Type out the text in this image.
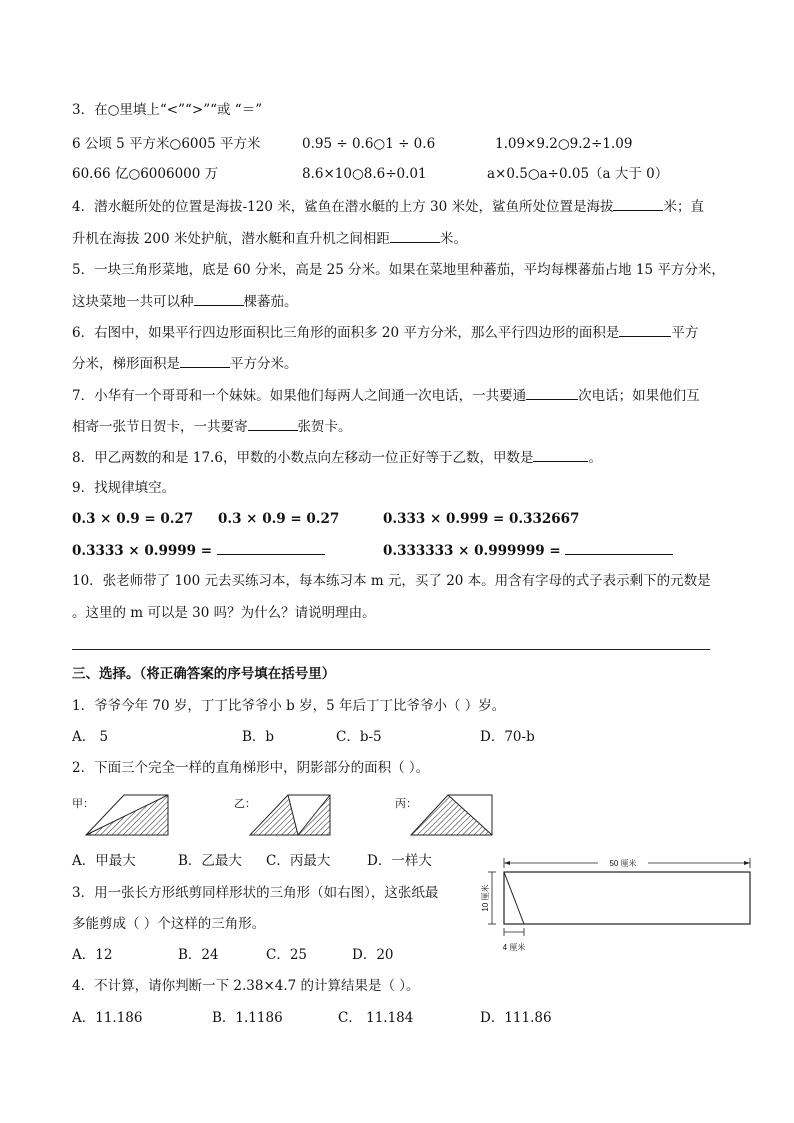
3．在○里填上“<”“>”“或 “＝”
6 公顷 5 平方米○6005 平方米	0.95 ÷ 0.6○1 ÷ 0.6	1.09×9.2○9.2÷1.09
60.66 亿○6006000 万	8.6×10○8.6÷0.01	a×0.5○a÷0.05（a 大于 0）
4．潜水艇所处的位置是海拔-120 米，鲨鱼在潜水艇的上方 30 米处，鲨鱼所处位置是海拔	米；直
升机在海拔 200 米处护航，潜水艇和直升机之间相距	米。
5．一块三角形菜地，底是 60 分米，高是 25 分米。如果在菜地里种蕃茄，平均每棵蕃茄占地 15 平方分米，
这块菜地一共可以种	棵蕃茄。
6．右图中，如果平行四边形面积比三角形的面积多 20 平方分米，那么平行四边形的面积是	平方
分米，梯形面积是	平方分米。
7．小华有一个哥哥和一个妹妹。如果他们每两人之间通一次电话，一共要通	次电话；如果他们互
相寄一张节日贺卡，一共要寄	张贺卡。
8．甲乙两数的和是 17.6，甲数的小数点向左移动一位正好等于乙数，甲数是	。
9．找规律填空。
0.3 × 0.9 = 0.27 0.3 × 0.9 = 0.27	0.333 × 0.999 = 0.332667
0.3333 × 0.9999 =	0.333333 × 0.999999 =
10．张老师带了 100 元去买练习本，每本练习本 m 元，买了 20 本。用含有字母的式子表示剩下的元数是
。这里的 m 可以是 30 吗？为什么？请说明理由。
三、选择。（将正确答案的序号填在括号里）
1．爷爷今年 70 岁，丁丁比爷爷小 b 岁，5 年后丁丁比爷爷小（ ）岁。
A． 5	B．b	C．b-5	D．70-b
2．下面三个完全一样的直角梯形中，阴影部分的面积（ ）。
甲：	乙：	丙：
A．甲最大	B．乙最大 C．丙最大	D．一样大
3．用一张长方形纸剪同样形状的三角形（如右图），这张纸最
多能剪成（ ）个这样的三角形。
A．12	B．24	C．25	D．20
50 厘米
10 厘米
4 厘米
4．不计算，请你判断一下 2.38×4.7 的计算结果是（ ）。
A．11.186	B．1.1186	C． 11.184	D．111.86
